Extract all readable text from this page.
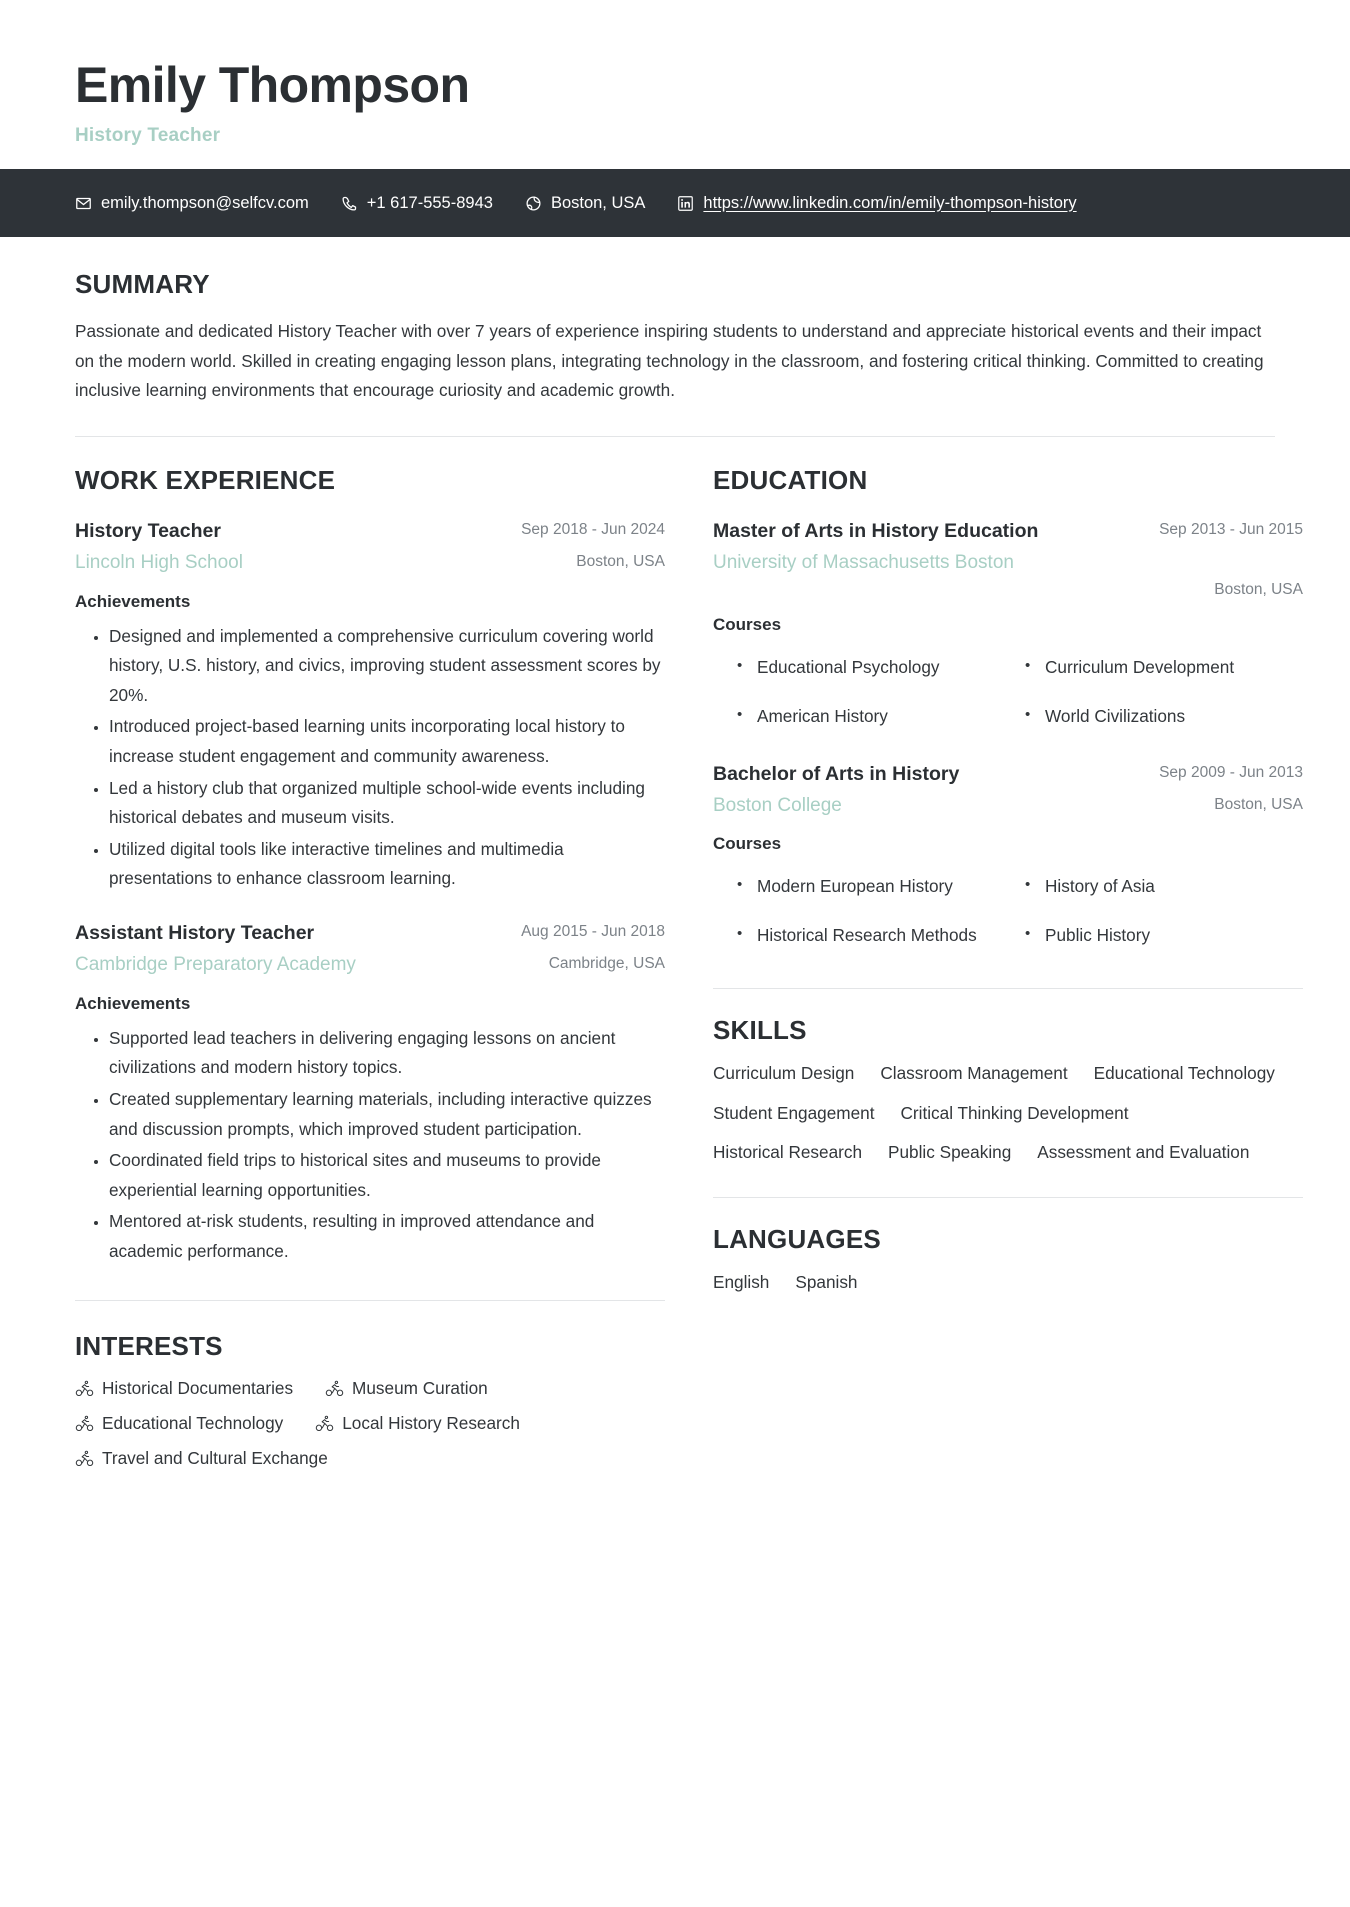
Emily Thompson
History Teacher
emily.thompson@selfcv.com	+1 617-555-8943	Boston, USA	https://www.linkedin.com/in/emily-thompson-history
SUMMARY
Passionate and dedicated History Teacher with over 7 years of experience inspiring students to understand and appreciate historical events and their impact on the modern world. Skilled in creating engaging lesson plans, integrating technology in the classroom, and fostering critical thinking. Committed to creating inclusive learning environments that encourage curiosity and academic growth.
WORK EXPERIENCE
History Teacher
Lincoln High School
Sep 2018 - Jun 2024
Boston, USA
Achievements
• Designed and implemented a comprehensive curriculum covering world history, U.S. history, and civics, improving student assessment scores by 20%.
• Introduced project-based learning units incorporating local history to increase student engagement and community awareness.
• Led a history club that organized multiple school-wide events including historical debates and museum visits.
• Utilized digital tools like interactive timelines and multimedia presentations to enhance classroom learning.
Assistant History Teacher
Cambridge Preparatory Academy
Aug 2015 - Jun 2018
Cambridge, USA
Achievements
• Supported lead teachers in delivering engaging lessons on ancient civilizations and modern history topics.
• Created supplementary learning materials, including interactive quizzes and discussion prompts, which improved student participation.
• Coordinated field trips to historical sites and museums to provide experiential learning opportunities.
• Mentored at-risk students, resulting in improved attendance and academic performance.
INTERESTS
Historical Documentaries	Museum Curation
Educational Technology	Local History Research
Travel and Cultural Exchange
EDUCATION
Master of Arts in History Education
University of Massachusetts Boston
Sep 2013 - Jun 2015
Boston, USA
Courses
• Educational Psychology	• Curriculum Development
• American History	• World Civilizations
Bachelor of Arts in History
Boston College
Sep 2009 - Jun 2013
Boston, USA
Courses
• Modern European History	• History of Asia
• Historical Research Methods	• Public History
SKILLS
Curriculum Design Classroom Management Educational Technology
Student Engagement Critical Thinking Development
Historical Research Public Speaking Assessment and Evaluation
LANGUAGES
English Spanish
